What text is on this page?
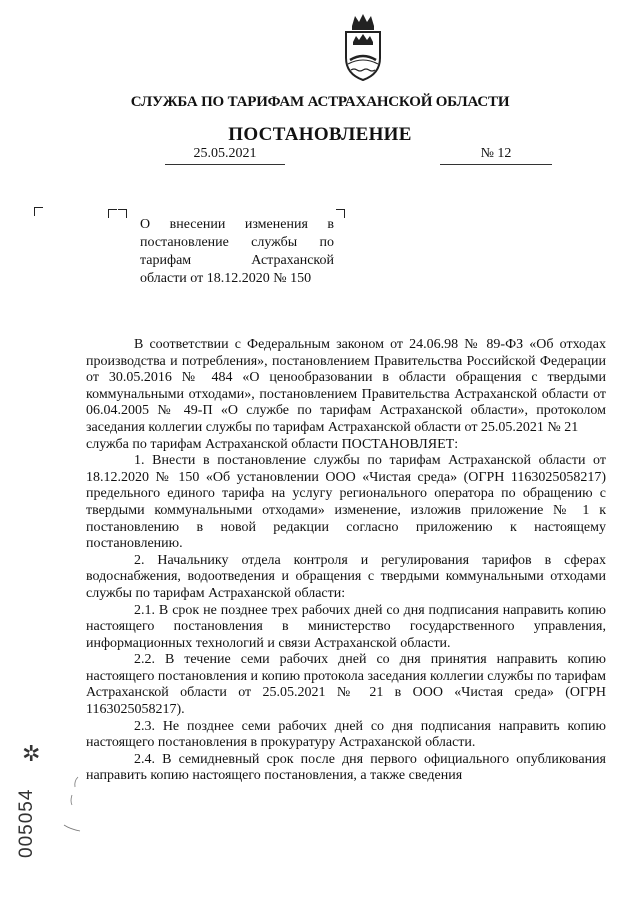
СЛУЖБА ПО ТАРИФАМ АСТРАХАНСКОЙ ОБЛАСТИ
ПОСТАНОВЛЕНИЕ
25.05.2021	№ 12
О внесении изменения в
постановление службы по
тарифам Астраханской
области от 18.12.2020 № 150

В соответствии с Федеральным законом от 24.06.98 № 89-ФЗ «Об отходах производства и потребления», постановлением Правительства Российской Федерации от 30.05.2016 № 484 «О ценообразовании в области обращения с твердыми коммунальными отходами», постановлением Правительства Астраханской области от 06.04.2005 № 49-П «О службе по тарифам Астраханской области», протоколом заседания коллегии службы по тарифам Астраханской области от 25.05.2021 № 21

служба по тарифам Астраханской области ПОСТАНОВЛЯЕТ:

1. Внести в постановление службы по тарифам Астраханской области от 18.12.2020 № 150 «Об установлении ООО «Чистая среда» (ОГРН 1163025058217) предельного единого тарифа на услугу регионального оператора по обращению с твердыми коммунальными отходами» изменение, изложив приложение № 1 к постановлению в новой редакции согласно приложению к настоящему постановлению.

2. Начальнику отдела контроля и регулирования тарифов в сферах водоснабжения, водоотведения и обращения с твердыми коммунальными отходами службы по тарифам Астраханской области:

2.1. В срок не позднее трех рабочих дней со дня подписания направить копию настоящего постановления в министерство государственного управления, информационных технологий и связи Астраханской области.

2.2. В течение семи рабочих дней со дня принятия направить копию настоящего постановления и копию протокола заседания коллегии службы по тарифам Астраханской области от 25.05.2021 № 21 в ООО «Чистая среда» (ОГРН 1163025058217).

2.3. Не позднее семи рабочих дней со дня подписания направить копию настоящего постановления в прокуратуру Астраханской области.

2.4. В семидневный срок после дня первого официального опубликования направить копию настоящего постановления, а также сведения

✲
005054
